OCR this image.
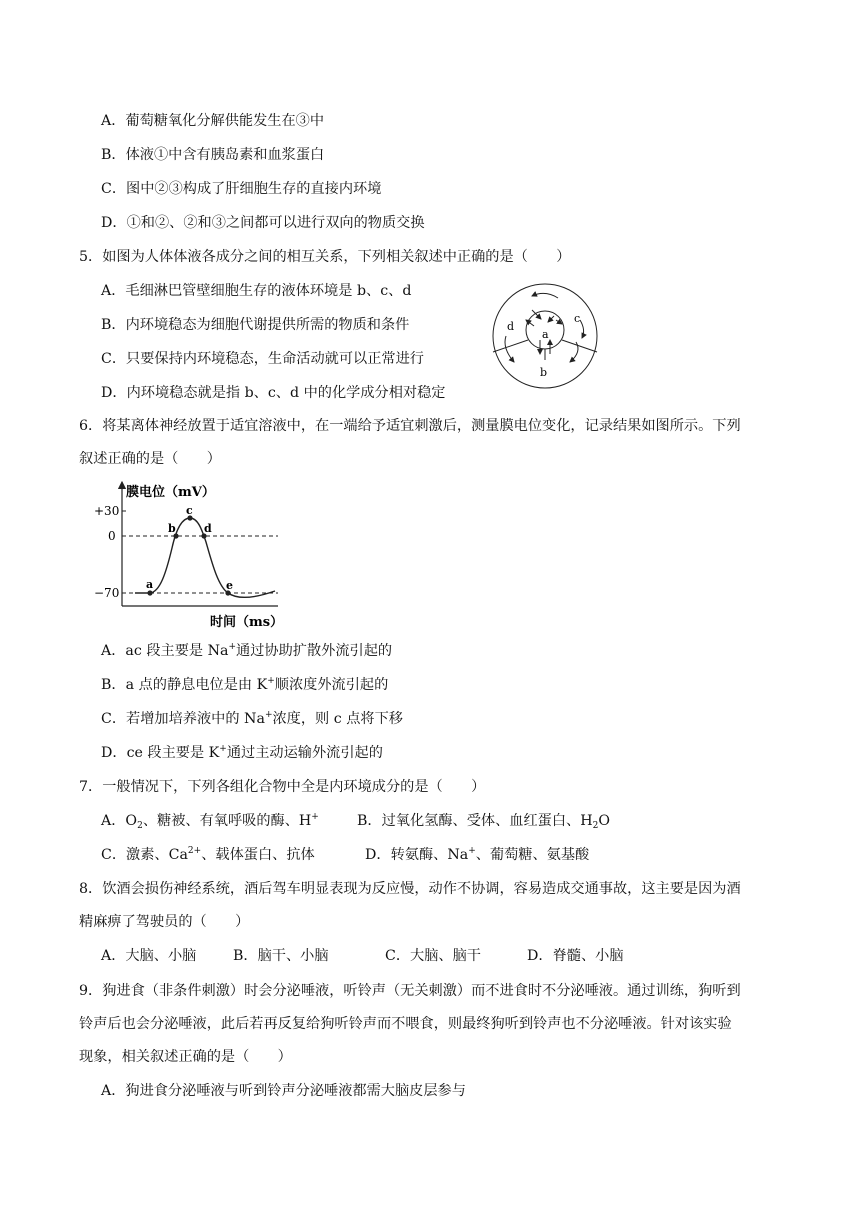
A．葡萄糖氧化分解供能发生在③中
B．体液①中含有胰岛素和血浆蛋白
C．图中②③构成了肝细胞生存的直接内环境
D．①和②、②和③之间都可以进行双向的物质交换
5．如图为人体体液各成分之间的相互关系，下列相关叙述中正确的是（　　）
A．毛细淋巴管壁细胞生存的液体环境是 b、c、d
B．内环境稳态为细胞代谢提供所需的物质和条件
C．只要保持内环境稳态，生命活动就可以正常进行
D．内环境稳态就是指 b、c、d 中的化学成分相对稳定
a
b
c
d
6．将某离体神经放置于适宜溶液中，在一端给予适宜刺激后，测量膜电位变化，记录结果如图所示。下列
叙述正确的是（　　）
+30
0
−70
膜电位（mV）
时间（ms）
a
b
c
d
e
A．ac 段主要是 Na+通过协助扩散外流引起的
B．a 点的静息电位是由 K+顺浓度外流引起的
C．若增加培养液中的 Na+浓度，则 c 点将下移
D．ce 段主要是 K+通过主动运输外流引起的
7．一般情况下，下列各组化合物中全是内环境成分的是（　　）
A．$O_2$、糖被、有氧呼吸的酶、H+	B．过氧化氢酶、受体、血红蛋白、$H_2O$
C．激素、$Ca^{2+}$、载体蛋白、抗体	D．转氨酶、Na+、葡萄糖、氨基酸
8．饮酒会损伤神经系统，酒后驾车明显表现为反应慢，动作不协调，容易造成交通事故，这主要是因为酒
精麻痹了驾驶员的（　　）
A．大脑、小脑	B．脑干、小脑	C．大脑、脑干	D．脊髓、小脑
9．狗进食（非条件刺激）时会分泌唾液，听铃声（无关刺激）而不进食时不分泌唾液。通过训练，狗听到
铃声后也会分泌唾液，此后若再反复给狗听铃声而不喂食，则最终狗听到铃声也不分泌唾液。针对该实验
现象，相关叙述正确的是（　　）
A．狗进食分泌唾液与听到铃声分泌唾液都需大脑皮层参与
